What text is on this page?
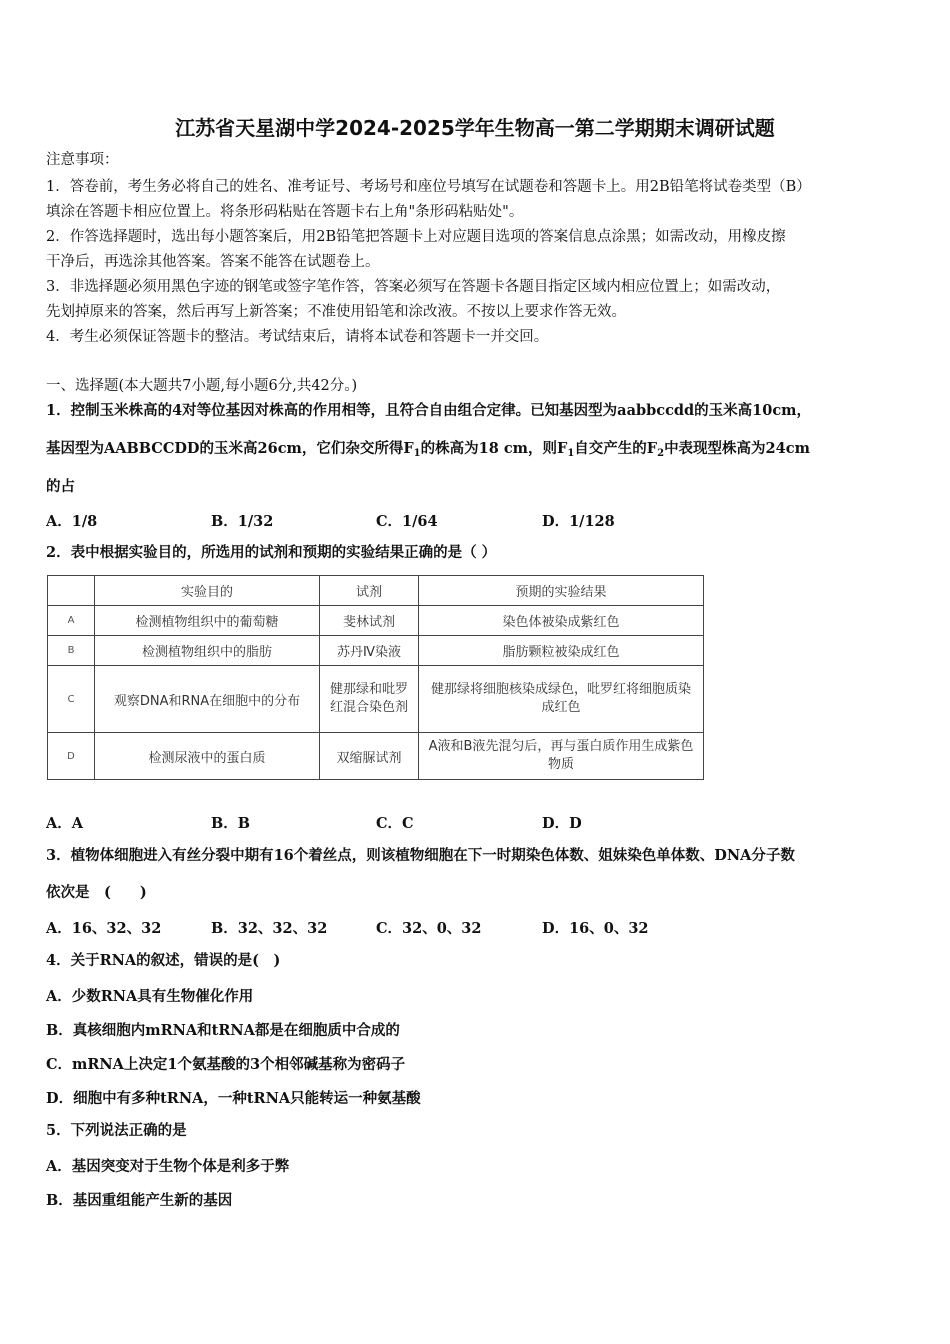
江苏省天星湖中学2024-2025学年生物高一第二学期期末调研试题
注意事项：
1．答卷前，考生务必将自己的姓名、准考证号、考场号和座位号填写在试题卷和答题卡上。用2B铅笔将试卷类型（B）
填涂在答题卡相应位置上。将条形码粘贴在答题卡右上角"条形码粘贴处"。
2．作答选择题时，选出每小题答案后，用2B铅笔把答题卡上对应题目选项的答案信息点涂黑；如需改动，用橡皮擦
干净后，再选涂其他答案。答案不能答在试题卷上。
3．非选择题必须用黑色字迹的钢笔或签字笔作答，答案必须写在答题卡各题目指定区域内相应位置上；如需改动，
先划掉原来的答案，然后再写上新答案；不准使用铅笔和涂改液。不按以上要求作答无效。
4．考生必须保证答题卡的整洁。考试结束后，请将本试卷和答题卡一并交回。
一、选择题(本大题共7小题,每小题6分,共42分。)
1．控制玉米株高的4对等位基因对株高的作用相等，且符合自由组合定律。已知基因型为aabbccdd的玉米高10cm，
基因型为AABBCCDD的玉米高26cm，它们杂交所得$F_1$的株高为18 cm，则$F_1$自交产生的$F_2$中表现型株高为24cm
的占
A．1/8	B．1/32	C．1/64	D．1/128
2．表中根据实验目的，所选用的试剂和预期的实验结果正确的是（ ）
	实验目的	试剂	预期的实验结果
A	检测植物组织中的葡萄糖	斐林试剂	染色体被染成紫红色
B	检测植物组织中的脂肪	苏丹Ⅳ染液	脂肪颗粒被染成红色
C	观察DNA和RNA在细胞中的分布	健那绿和吡罗红混合染色剂	健那绿将细胞核染成绿色，吡罗红将细胞质染成红色
D	检测尿液中的蛋白质	双缩脲试剂	A液和B液先混匀后，再与蛋白质作用生成紫色物质
A．A	B．B	C．C	D．D
3．植物体细胞进入有丝分裂中期有16个着丝点，则该植物细胞在下一时期染色体数、姐妹染色单体数、DNA分子数
依次是　(　　)
A．16、32、32	B．32、32、32	C．32、0、32	D．16、0、32
4．关于RNA的叙述，错误的是(　)
A．少数RNA具有生物催化作用
B．真核细胞内mRNA和tRNA都是在细胞质中合成的
C．mRNA上决定1个氨基酸的3个相邻碱基称为密码子
D．细胞中有多种tRNA，一种tRNA只能转运一种氨基酸
5．下列说法正确的是
A．基因突变对于生物个体是利多于弊
B．基因重组能产生新的基因
